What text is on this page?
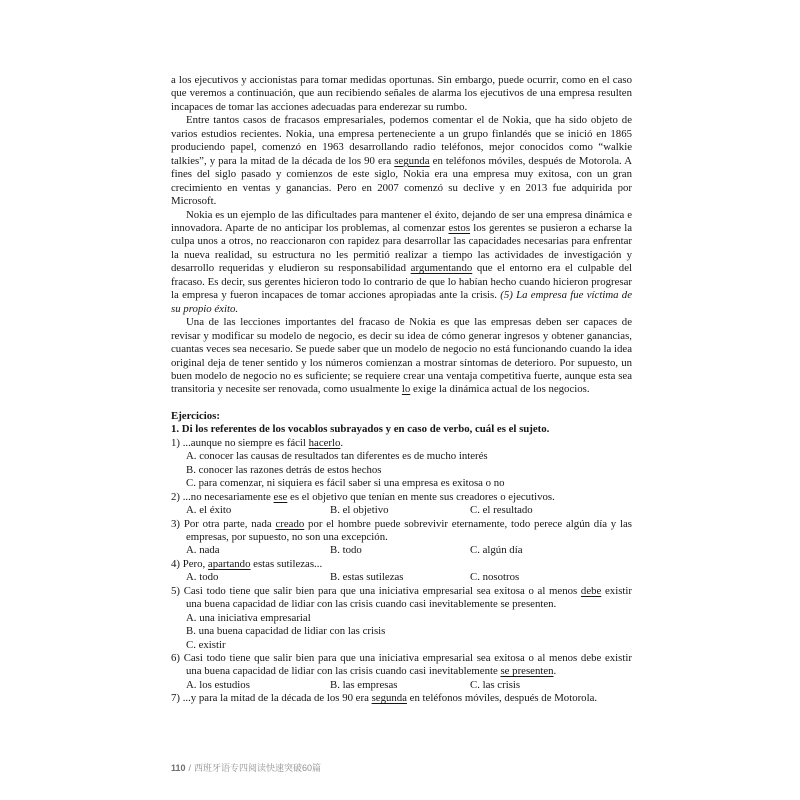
a los ejecutivos y accionistas para tomar medidas oportunas. Sin embargo, puede ocurrir, como en el caso que veremos a continuación, que aun recibiendo señales de alarma los ejecutivos de una empresa resulten incapaces de tomar las acciones adecuadas para enderezar su rumbo.

Entre tantos casos de fracasos empresariales, podemos comentar el de Nokia, que ha sido objeto de varios estudios recientes. Nokia, una empresa perteneciente a un grupo finlandés que se inició en 1865 produciendo papel, comenzó en 1963 desarrollando radio teléfonos, mejor conocidos como “walkie talkies”, y para la mitad de la década de los 90 era segunda en teléfonos móviles, después de Motorola. A fines del siglo pasado y comienzos de este siglo, Nokia era una empresa muy exitosa, con un gran crecimiento en ventas y ganancias. Pero en 2007 comenzó su declive y en 2013 fue adquirida por Microsoft.

Nokia es un ejemplo de las dificultades para mantener el éxito, dejando de ser una empresa dinámica e innovadora. Aparte de no anticipar los problemas, al comenzar estos los gerentes se pusieron a echarse la culpa unos a otros, no reaccionaron con rapidez para desarrollar las capacidades necesarias para enfrentar la nueva realidad, su estructura no les permitió realizar a tiempo las actividades de investigación y desarrollo requeridas y eludieron su responsabilidad argumentando que el entorno era el culpable del fracaso. Es decir, sus gerentes hicieron todo lo contrario de que lo habían hecho cuando hicieron progresar la empresa y fueron incapaces de tomar acciones apropiadas ante la crisis. (5) La empresa fue víctima de su propio éxito.

Una de las lecciones importantes del fracaso de Nokia es que las empresas deben ser capaces de revisar y modificar su modelo de negocio, es decir su idea de cómo generar ingresos y obtener ganancias, cuantas veces sea necesario. Se puede saber que un modelo de negocio no está funcionando cuando la idea original deja de tener sentido y los números comienzan a mostrar síntomas de deterioro. Por supuesto, un buen modelo de negocio no es suficiente; se requiere crear una ventaja competitiva fuerte, aunque esta sea transitoria y necesite ser renovada, como usualmente lo exige la dinámica actual de los negocios.

Ejercicios:
1. Di los referentes de los vocablos subrayados y en caso de verbo, cuál es el sujeto.

1) ...aunque no siempre es fácil hacerlo.

A. conocer las causas de resultados tan diferentes es de mucho interés
B. conocer las razones detrás de estos hechos
C. para comenzar, ni siquiera es fácil saber si una empresa es exitosa o no

2) ...no necesariamente ese es el objetivo que tenían en mente sus creadores o ejecutivos.

A. el éxito	B. el objetivo	C. el resultado

3) Por otra parte, nada creado por el hombre puede sobrevivir eternamente, todo perece algún día y las empresas, por supuesto, no son una excepción.

A. nada	B. todo	C. algún día

4) Pero, apartando estas sutilezas...

A. todo	B. estas sutilezas	C. nosotros

5) Casi todo tiene que salir bien para que una iniciativa empresarial sea exitosa o al menos debe existir una buena capacidad de lidiar con las crisis cuando casi inevitablemente se presenten.

A. una iniciativa empresarial
B. una buena capacidad de lidiar con las crisis
C. existir

6) Casi todo tiene que salir bien para que una iniciativa empresarial sea exitosa o al menos debe existir una buena capacidad de lidiar con las crisis cuando casi inevitablemente se presenten.

A. los estudios	B. las empresas	C. las crisis

7) ...y para la mitad de la década de los 90 era segunda en teléfonos móviles, después de Motorola.

110 / 西班牙语专四阅读快速突破60篇
